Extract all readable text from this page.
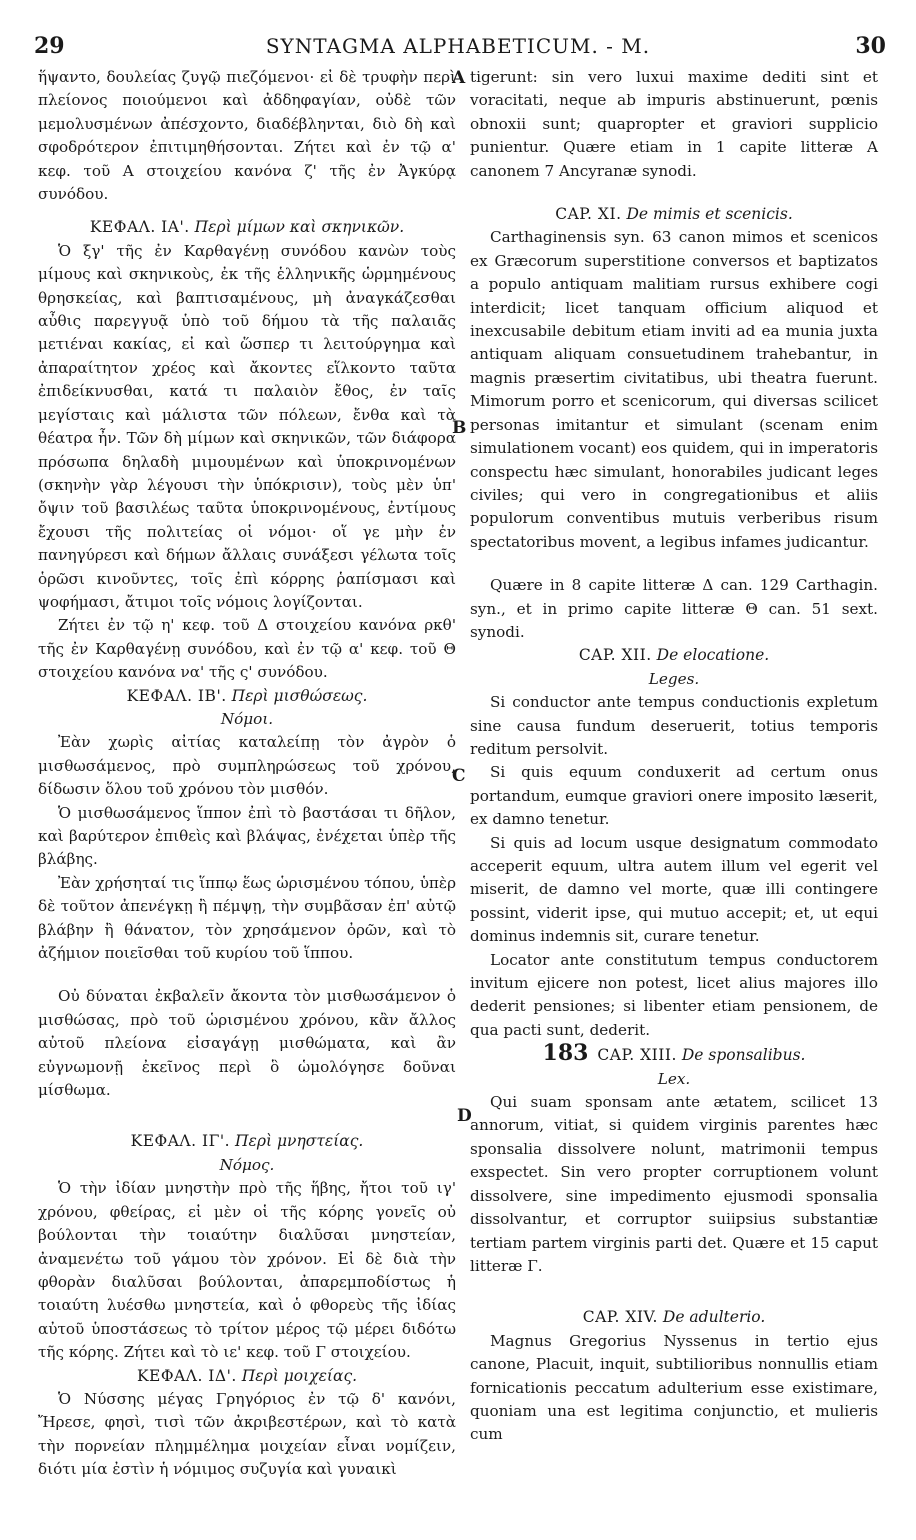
29	SYNTAGMA ALPHABETICUM. - M.	30

ἥψαντο, δουλείας ζυγῷ πιεζόμενοι· εἰ δὲ τρυφὴν περὶ πλείονος ποιούμενοι καὶ ἀδδηφαγίαν, οὐδὲ τῶν μεμολυσμένων ἀπέσχοντο, διαδέβληνται, διὸ δὴ καὶ σφοδρότερον ἐπιτιμηθήσονται. Ζήτει καὶ ἐν τῷ α' κεφ. τοῦ Α στοιχείου κανόνα ζ' τῆς ἐν Ἀγκύρᾳ συνόδου.

ΚΕΦΑΛ. ΙΑ'. Περὶ μίμων καὶ σκηνικῶν.

Ὁ ξγ' τῆς ἐν Καρθαγένῃ συνόδου κανὼν τοὺς μίμους καὶ σκηνικοὺς, ἐκ τῆς ἑλληνικῆς ὡρμημένους θρησκείας, καὶ βαπτισαμένους, μὴ ἀναγκάζεσθαι αὖθις παρεγγυᾷ ὑπὸ τοῦ δήμου τὰ τῆς παλαιᾶς μετιέναι κακίας, εἰ καὶ ὥσπερ τι λειτούργημα καὶ ἀπαραίτητον χρέος καὶ ἄκοντες εἵλκοντο ταῦτα ἐπιδείκνυσθαι, κατά τι παλαιὸν ἔθος, ἐν ταῖς μεγίσταις καὶ μάλιστα τῶν πόλεων, ἔνθα καὶ τὰ θέατρα ἦν. Τῶν δὴ μίμων καὶ σκηνικῶν, τῶν διάφορα πρόσωπα δηλαδὴ μιμουμένων καὶ ὑποκρινομένων (σκηνὴν γὰρ λέγουσι τὴν ὑπόκρισιν), τοὺς μὲν ὑπ' ὄψιν τοῦ βασιλέως ταῦτα ὑποκρινομένους, ἐντίμους ἔχουσι τῆς πολιτείας οἱ νόμοι· οἵ γε μὴν ἐν πανηγύρεσι καὶ δήμων ἄλλαις συνάξεσι γέλωτα τοῖς ὁρῶσι κινοῦντες, τοῖς ἐπὶ κόρρης ῥαπίσμασι καὶ ψοφήμασι, ἄτιμοι τοῖς νόμοις λογίζονται.

Ζήτει ἐν τῷ η' κεφ. τοῦ Δ στοιχείου κανόνα ρκθ' τῆς ἐν Καρθαγένῃ συνόδου, καὶ ἐν τῷ α' κεφ. τοῦ Θ στοιχείου κανόνα να' τῆς ς' συνόδου.

ΚΕΦΑΛ. ΙΒ'. Περὶ μισθώσεως.

Νόμοι.

Ἐὰν χωρὶς αἰτίας καταλείπῃ τὸν ἀγρὸν ὁ μισθωσάμενος, πρὸ συμπληρώσεως τοῦ χρόνου, δίδωσιν ὅλου τοῦ χρόνου τὸν μισθόν.

Ὁ μισθωσάμενος ἵππον ἐπὶ τὸ βαστάσαι τι δῆλον, καὶ βαρύτερον ἐπιθεὶς καὶ βλάψας, ἐνέχεται ὑπὲρ τῆς βλάβης.

Ἐὰν χρήσηταί τις ἵππῳ ἕως ὡρισμένου τόπου, ὑπὲρ δὲ τοῦτον ἀπενέγκῃ ἢ πέμψῃ, τὴν συμβᾶσαν ἐπ' αὐτῷ βλάβην ἢ θάνατον, τὸν χρησάμενον ὀρῶν, καὶ τὸ ἀζήμιον ποιεῖσθαι τοῦ κυρίου τοῦ ἵππου.

Οὐ δύναται ἐκβαλεῖν ἄκοντα τὸν μισθωσάμενον ὁ μισθώσας, πρὸ τοῦ ὡρισμένου χρόνου, κἂν ἄλλος αὐτοῦ πλείονα εἰσαγάγῃ μισθώματα, καὶ ἂν εὐγνωμονῇ ἐκεῖνος περὶ ὃ ὡμολόγησε δοῦναι μίσθωμα.

ΚΕΦΑΛ. ΙΓ'. Περὶ μνηστείας.

Νόμος.

Ὁ τὴν ἰδίαν μνηστὴν πρὸ τῆς ἥβης, ἤτοι τοῦ ιγ' χρόνου, φθείρας, εἰ μὲν οἱ τῆς κόρης γονεῖς οὐ βούλονται τὴν τοιαύτην διαλῦσαι μνηστείαν, ἀναμενέτω τοῦ γάμου τὸν χρόνον. Εἰ δὲ διὰ τὴν φθορὰν διαλῦσαι βούλονται, ἀπαρεμποδίστως ἡ τοιαύτη λυέσθω μνηστεία, καὶ ὁ φθορεὺς τῆς ἰδίας αὐτοῦ ὑποστάσεως τὸ τρίτον μέρος τῷ μέρει διδότω τῆς κόρης. Ζήτει καὶ τὸ ιε' κεφ. τοῦ Γ στοιχείου.

ΚΕΦΑΛ. ΙΔ'. Περὶ μοιχείας.

Ὁ Νύσσης μέγας Γρηγόριος ἐν τῷ δ' κανόνι, Ἤρεσε, φησὶ, τισὶ τῶν ἀκριβεστέρων, καὶ τὸ κατὰ τὴν πορνείαν πλημμέλημα μοιχείαν εἶναι νομίζειν, διότι μία ἐστὶν ἡ νόμιμος συζυγία καὶ γυναικὶ

A
B
C
D

tigerunt: sin vero luxui maxime dediti sint et voracitati, neque ab impuris abstinuerunt, pœnis obnoxii sunt; quapropter et graviori supplicio punientur. Quære etiam in 1 capite litteræ A canonem 7 Ancyranæ synodi.

CAP. XI. De mimis et scenicis.

Carthaginensis syn. 63 canon mimos et scenicos ex Græcorum superstitione conversos et baptizatos a populo antiquam malitiam rursus exhibere cogi interdicit; licet tanquam officium aliquod et inexcusabile debitum etiam inviti ad ea munia juxta antiquam aliquam consuetudinem trahebantur, in magnis præsertim civitatibus, ubi theatra fuerunt. Mimorum porro et scenicorum, qui diversas scilicet personas imitantur et simulant (scenam enim simulationem vocant) eos quidem, qui in imperatoris conspectu hæc simulant, honorabiles judicant leges civiles; qui vero in congregationibus et aliis populorum conventibus mutuis verberibus risum spectatoribus movent, a legibus infames judicantur.

Quære in 8 capite litteræ Δ can. 129 Carthagin. syn., et in primo capite litteræ Θ can. 51 sext. synodi.

CAP. XII. De elocatione.

Leges.

Si conductor ante tempus conductionis expletum sine causa fundum deseruerit, totius temporis reditum persolvit.

Si quis equum conduxerit ad certum onus portandum, eumque graviori onere imposito læserit, ex damno tenetur.

Si quis ad locum usque designatum commodato acceperit equum, ultra autem illum vel egerit vel miserit, de damno vel morte, quæ illi contingere possint, viderit ipse, qui mutuo accepit; et, ut equi dominus indemnis sit, curare tenetur.

Locator ante constitutum tempus conductorem invitum ejicere non potest, licet alius majores illo dederit pensiones; si libenter etiam pensionem, de qua pacti sunt, dederit.

183 CAP. XIII. De sponsalibus.

Lex.

Qui suam sponsam ante ætatem, scilicet 13 annorum, vitiat, si quidem virginis parentes hæc sponsalia dissolvere nolunt, matrimonii tempus exspectet. Sin vero propter corruptionem volunt dissolvere, sine impedimento ejusmodi sponsalia dissolvantur, et corruptor suiipsius substantiæ tertiam partem virginis parti det. Quære et 15 caput litteræ Γ.

CAP. XIV. De adulterio.

Magnus Gregorius Nyssenus in tertio ejus canone, Placuit, inquit, subtilioribus nonnullis etiam fornicationis peccatum adulterium esse existimare, quoniam una est legitima conjunctio, et mulieris cum
